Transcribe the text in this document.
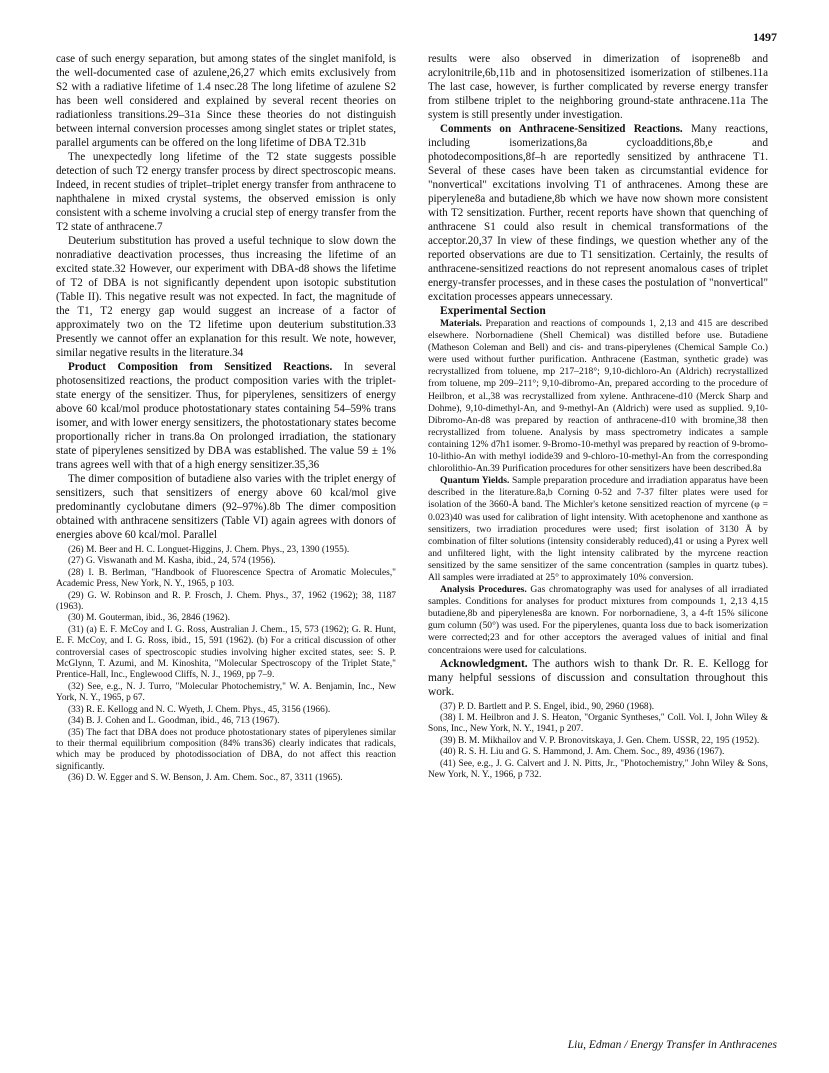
1497

case of such energy separation, but among states of the singlet manifold, is the well-documented case of azulene,26,27 which emits exclusively from S2 with a radiative lifetime of 1.4 nsec.28 The long lifetime of azulene S2 has been well considered and explained by several recent theories on radiationless transitions.29–31a Since these theories do not distinguish between internal conversion processes among singlet states or triplet states, parallel arguments can be offered on the long lifetime of DBA T2.31b

The unexpectedly long lifetime of the T2 state suggests possible detection of such T2 energy transfer process by direct spectroscopic means. Indeed, in recent studies of triplet–triplet energy transfer from anthracene to naphthalene in mixed crystal systems, the observed emission is only consistent with a scheme involving a crucial step of energy transfer from the T2 state of anthracene.7

Deuterium substitution has proved a useful technique to slow down the nonradiative deactivation processes, thus increasing the lifetime of an excited state.32 However, our experiment with DBA-d8 shows the lifetime of T2 of DBA is not significantly dependent upon isotopic substitution (Table II). This negative result was not expected. In fact, the magnitude of the T1, T2 energy gap would suggest an increase of a factor of approximately two on the T2 lifetime upon deuterium substitution.33 Presently we cannot offer an explanation for this result. We note, however, similar negative results in the literature.34

Product Composition from Sensitized Reactions. In several photosensitized reactions, the product composition varies with the triplet-state energy of the sensitizer. Thus, for piperylenes, sensitizers of energy above 60 kcal/mol produce photostationary states containing 54–59% trans isomer, and with lower energy sensitizers, the photostationary states become proportionally richer in trans.8a On prolonged irradiation, the stationary state of piperylenes sensitized by DBA was established. The value 59 ± 1% trans agrees well with that of a high energy sensitizer.35,36

The dimer composition of butadiene also varies with the triplet energy of sensitizers, such that sensitizers of energy above 60 kcal/mol give predominantly cyclobutane dimers (92–97%).8b The dimer composition obtained with anthracene sensitizers (Table VI) again agrees with donors of energies above 60 kcal/mol. Parallel

(26) M. Beer and H. C. Longuet-Higgins, J. Chem. Phys., 23, 1390 (1955).
(27) G. Viswanath and M. Kasha, ibid., 24, 574 (1956).
(28) I. B. Berlman, "Handbook of Fluorescence Spectra of Aromatic Molecules," Academic Press, New York, N. Y., 1965, p 103.
(29) G. W. Robinson and R. P. Frosch, J. Chem. Phys., 37, 1962 (1962); 38, 1187 (1963).
(30) M. Gouterman, ibid., 36, 2846 (1962).
(31) (a) E. F. McCoy and I. G. Ross, Australian J. Chem., 15, 573 (1962); G. R. Hunt, E. F. McCoy, and I. G. Ross, ibid., 15, 591 (1962). (b) For a critical discussion of other controversial cases of spectroscopic studies involving higher excited states, see: S. P. McGlynn, T. Azumi, and M. Kinoshita, "Molecular Spectroscopy of the Triplet State," Prentice-Hall, Inc., Englewood Cliffs, N. J., 1969, pp 7–9.
(32) See, e.g., N. J. Turro, "Molecular Photochemistry," W. A. Benjamin, Inc., New York, N. Y., 1965, p 67.
(33) R. E. Kellogg and N. C. Wyeth, J. Chem. Phys., 45, 3156 (1966).
(34) B. J. Cohen and L. Goodman, ibid., 46, 713 (1967).
(35) The fact that DBA does not produce photostationary states of piperylenes similar to their thermal equilibrium composition (84% trans36) clearly indicates that radicals, which may be produced by photodissociation of DBA, do not affect this reaction significantly.
(36) D. W. Egger and S. W. Benson, J. Am. Chem. Soc., 87, 3311 (1965).

results were also observed in dimerization of isoprene8b and acrylonitrile,6b,11b and in photosensitized isomerization of stilbenes.11a The last case, however, is further complicated by reverse energy transfer from stilbene triplet to the neighboring ground-state anthracene.11a The system is still presently under investigation.

Comments on Anthracene-Sensitized Reactions. Many reactions, including isomerizations,8a cycloadditions,8b,e and photodecompositions,8f–h are reportedly sensitized by anthracene T1. Several of these cases have been taken as circumstantial evidence for "nonvertical" excitations involving T1 of anthracenes. Among these are piperylene8a and butadiene,8b which we have now shown more consistent with T2 sensitization. Further, recent reports have shown that quenching of anthracene S1 could also result in chemical transformations of the acceptor.20,37 In view of these findings, we question whether any of the reported observations are due to T1 sensitization. Certainly, the results of anthracene-sensitized reactions do not represent anomalous cases of triplet energy-transfer processes, and in these cases the postulation of "nonvertical" excitation processes appears unnecessary.

Experimental Section

Materials. Preparation and reactions of compounds 1, 2,13 and 415 are described elsewhere. Norbornadiene (Shell Chemical) was distilled before use. Butadiene (Matheson Coleman and Bell) and cis- and trans-piperylenes (Chemical Sample Co.) were used without further purification. Anthracene (Eastman, synthetic grade) was recrystallized from toluene, mp 217–218°; 9,10-dichloro-An (Aldrich) recrystallized from toluene, mp 209–211°; 9,10-dibromo-An, prepared according to the procedure of Heilbron, et al.,38 was recrystallized from xylene. Anthracene-d10 (Merck Sharp and Dohme), 9,10-dimethyl-An, and 9-methyl-An (Aldrich) were used as supplied. 9,10-Dibromo-An-d8 was prepared by reaction of anthracene-d10 with bromine,38 then recrystallized from toluene. Analysis by mass spectrometry indicates a sample containing 12% d7h1 isomer. 9-Bromo-10-methyl was prepared by reaction of 9-bromo-10-lithio-An with methyl iodide39 and 9-chloro-10-methyl-An from the corresponding chlorolithio-An.39 Purification procedures for other sensitizers have been described.8a

Quantum Yields. Sample preparation procedure and irradiation apparatus have been described in the literature.8a,b Corning 0-52 and 7-37 filter plates were used for isolation of the 3660-Å band. The Michler's ketone sensitized reaction of myrcene (φ = 0.023)40 was used for calibration of light intensity. With acetophenone and xanthone as sensitizers, two irradiation procedures were used; first isolation of 3130 Å by combination of filter solutions (intensity considerably reduced),41 or using a Pyrex well and unfiltered light, with the light intensity calibrated by the myrcene reaction sensitized by the same sensitizer of the same concentration (samples in quartz tubes). All samples were irradiated at 25° to approximately 10% conversion.

Analysis Procedures. Gas chromatography was used for analyses of all irradiated samples. Conditions for analyses for product mixtures from compounds 1, 2,13 4,15 butadiene,8b and piperylenes8a are known. For norbornadiene, 3, a 4-ft 15% silicone gum column (50°) was used. For the piperylenes, quanta loss due to back isomerization were corrected;23 and for other acceptors the averaged values of initial and final concentraions were used for calculations.

Acknowledgment. The authors wish to thank Dr. R. E. Kellogg for many helpful sessions of discussion and consultation throughout this work.

(37) P. D. Bartlett and P. S. Engel, ibid., 90, 2960 (1968).
(38) I. M. Heilbron and J. S. Heaton, "Organic Syntheses," Coll. Vol. I, John Wiley & Sons, Inc., New York, N. Y., 1941, p 207.
(39) B. M. Mikhailov and V. P. Bronovitskaya, J. Gen. Chem. USSR, 22, 195 (1952).
(40) R. S. H. Liu and G. S. Hammond, J. Am. Chem. Soc., 89, 4936 (1967).
(41) See, e.g., J. G. Calvert and J. N. Pitts, Jr., "Photochemistry," John Wiley & Sons, New York, N. Y., 1966, p 732.
Liu, Edman / Energy Transfer in Anthracenes
